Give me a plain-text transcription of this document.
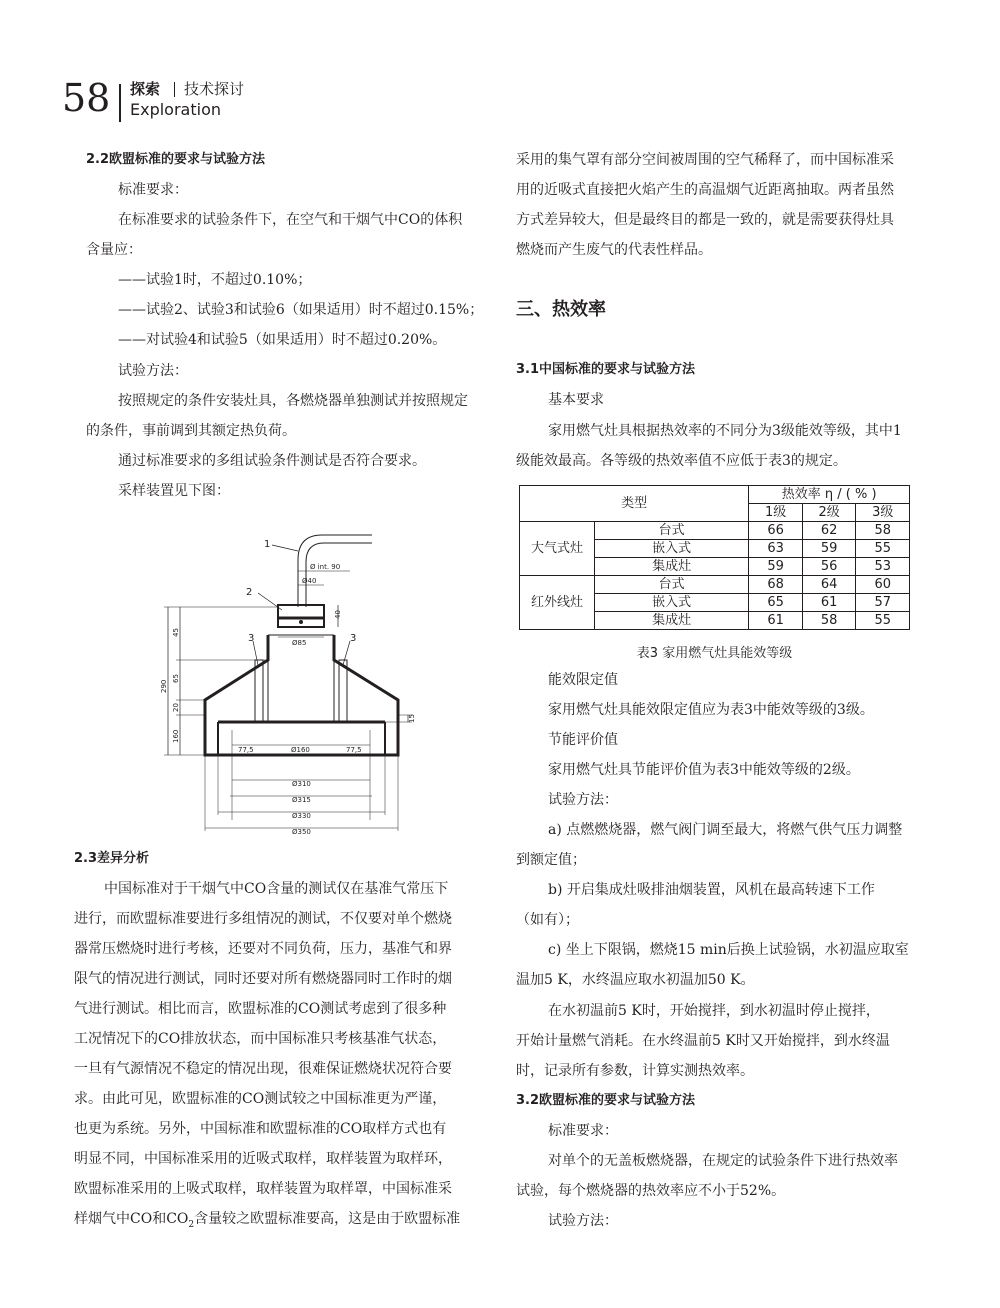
58 探索 技术探讨
Exploration
2.2欧盟标准的要求与试验方法
标准要求：
在标准要求的试验条件下，在空气和干烟气中CO的体积
含量应：
——试验1时，不超过0.10%；
——试验2、试验3和试验6（如果适用）时不超过0.15%；
——对试验4和试验5（如果适用）时不超过0.20%。
试验方法：
按照规定的条件安装灶具，各燃烧器单独测试并按照规定
的条件，事前调到其额定热负荷。
通过标准要求的多组试验条件测试是否符合要求。
采样装置见下图：
1
2
3	3
Ø int. 90
Ø40
40
Ø85
45
65
290
20
160
15
77,5	Ø160	77,5
Ø310
Ø315
Ø330
Ø350
2.3差异分析
中国标准对于干烟气中CO含量的测试仅在基准气常压下
进行，而欧盟标准要进行多组情况的测试，不仅要对单个燃烧
器常压燃烧时进行考核，还要对不同负荷，压力，基准气和界
限气的情况进行测试，同时还要对所有燃烧器同时工作时的烟
气进行测试。相比而言，欧盟标准的CO测试考虑到了很多种
工况情况下的CO排放状态，而中国标准只考核基准气状态，
一旦有气源情况不稳定的情况出现，很难保证燃烧状况符合要
求。由此可见，欧盟标准的CO测试较之中国标准更为严谨，
也更为系统。另外，中国标准和欧盟标准的CO取样方式也有
明显不同，中国标准采用的近吸式取样，取样装置为取样环，
欧盟标准采用的上吸式取样，取样装置为取样罩，中国标准采
样烟气中CO和$CO_2$含量较之欧盟标准要高，这是由于欧盟标准
采用的集气罩有部分空间被周围的空气稀释了，而中国标准采
用的近吸式直接把火焰产生的高温烟气近距离抽取。两者虽然
方式差异较大，但是最终目的都是一致的，就是需要获得灶具
燃烧而产生废气的代表性样品。
三、热效率
3.1中国标准的要求与试验方法
基本要求
家用燃气灶具根据热效率的不同分为3级能效等级，其中1
级能效最高。各等级的热效率值不应低于表3的规定。
类型		热效率 η / ( % )		
		1级	2级	3级
大气式灶	台式	66	62	58
	嵌入式	63	59	55
	集成灶	59	56	53
红外线灶	台式	68	64	60
	嵌入式	65	61	57
	集成灶	61	58	55
表3 家用燃气灶具能效等级
能效限定值
家用燃气灶具能效限定值应为表3中能效等级的3级。
节能评价值
家用燃气灶具节能评价值为表3中能效等级的2级。
试验方法：
a) 点燃燃烧器，燃气阀门调至最大，将燃气供气压力调整
到额定值；
b) 开启集成灶吸排油烟装置，风机在最高转速下工作
（如有）；
c) 坐上下限锅，燃烧15 min后换上试验锅，水初温应取室
温加5 K，水终温应取水初温加50 K。
在水初温前5 K时，开始搅拌，到水初温时停止搅拌，
开始计量燃气消耗。在水终温前5 K时又开始搅拌，到水终温
时，记录所有参数，计算实测热效率。
3.2欧盟标准的要求与试验方法
标准要求：
对单个的无盖板燃烧器，在规定的试验条件下进行热效率
试验，每个燃烧器的热效率应不小于52%。
试验方法：
